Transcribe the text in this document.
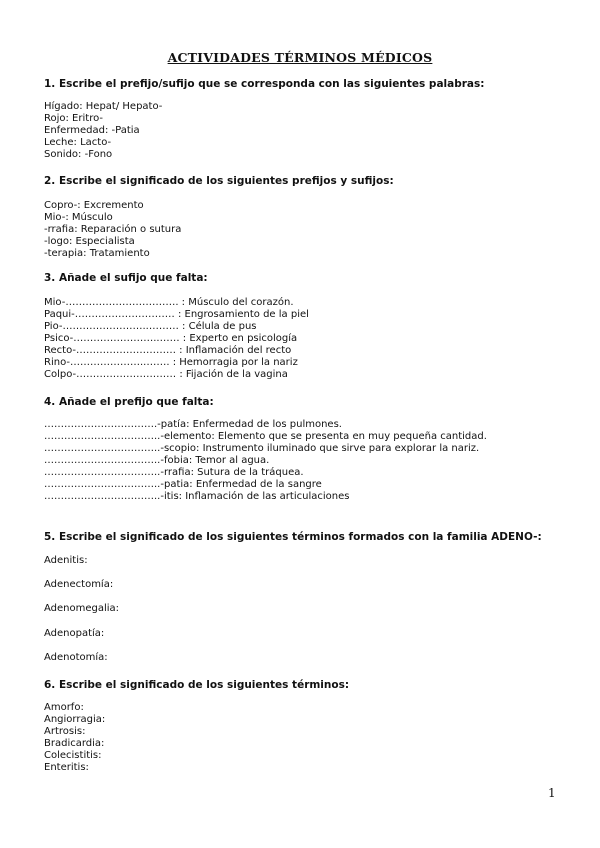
ACTIVIDADES TÉRMINOS MÉDICOS
1. Escribe el prefijo/sufijo que se corresponda con las siguientes palabras:
Hígado: Hepat/ Hepato-
Rojo: Eritro-
Enfermedad: -Patia
Leche: Lacto-
Sonido: -Fono
2. Escribe el significado de los siguientes prefijos y sufijos:
Copro-: Excremento
Mio-: Músculo
-rrafia: Reparación o sutura
-logo: Especialista
-terapia: Tratamiento
3. Añade el sufijo que falta:
Mio-……………………………. : Músculo del corazón.
Paqui-………………………… : Engrosamiento de la piel
Pio-……………………..……… : Célula de pus
Psico-……………………..…… : Experto en psicología
Recto-………………………… : Inflamación del recto
Rino-…………………..……. : Hemorragia por la nariz
Colpo-………………………… : Fijación de la vagina
4. Añade el prefijo que falta:
…………………………….-patía: Enfermedad de los pulmones.
……………………………..-elemento: Elemento que se presenta en muy pequeña cantidad.
……………………………..-scopio: Instrumento iluminado que sirve para explorar la nariz.
……………………………..-fobia: Temor al agua.
……………………………..-rrafia: Sutura de la tráquea.
……………………………..-patia: Enfermedad de la sangre
……………………………..-itis: Inflamación de las articulaciones
5. Escribe el significado de los siguientes términos formados con la familia ADENO-:
Adenitis:
Adenectomía:
Adenomegalia:
Adenopatía:
Adenotomía:
6. Escribe el significado de los siguientes términos:
Amorfo:
Angiorragia:
Artrosis:
Bradicardia:
Colecistitis:
Enteritis:
1
